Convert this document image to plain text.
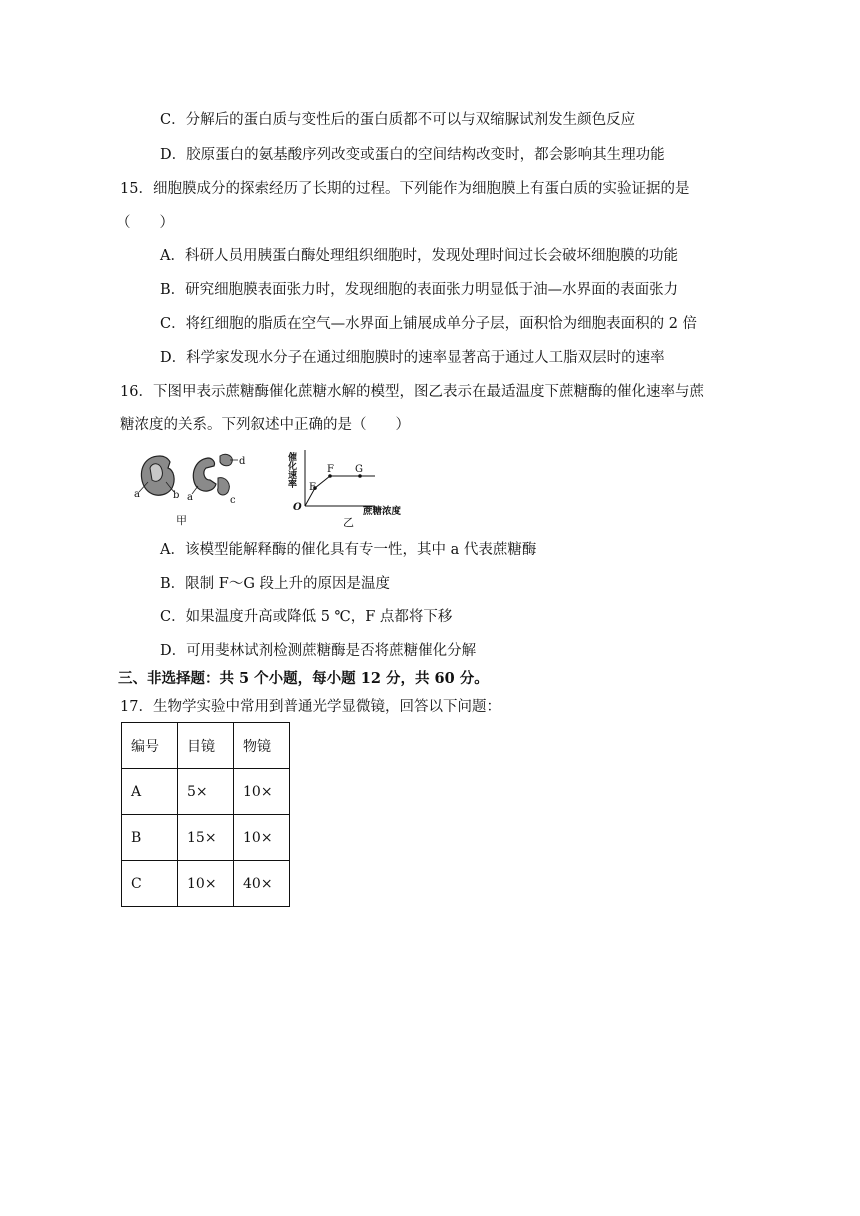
C．分解后的蛋白质与变性后的蛋白质都不可以与双缩脲试剂发生颜色反应
D．胶原蛋白的氨基酸序列改变或蛋白的空间结构改变时，都会影响其生理功能
15．细胞膜成分的探索经历了长期的过程。下列能作为细胞膜上有蛋白质的实验证据的是
（　　）
A．科研人员用胰蛋白酶处理组织细胞时，发现处理时间过长会破坏细胞膜的功能
B．研究细胞膜表面张力时，发现细胞的表面张力明显低于油—水界面的表面张力
C．将红细胞的脂质在空气—水界面上铺展成单分子层，面积恰为细胞表面积的 2 倍
D．科学家发现水分子在通过细胞膜时的速率显著高于通过人工脂双层时的速率
16．下图甲表示蔗糖酶催化蔗糖水解的模型，图乙表示在最适温度下蔗糖酶的催化速率与蔗
糖浓度的关系。下列叙述中正确的是（　　）
a	b a	c
d
甲
E
F G
O
催化速率
蔗糖浓度
乙
A．该模型能解释酶的催化具有专一性，其中 a 代表蔗糖酶
B．限制 F～G 段上升的原因是温度
C．如果温度升高或降低 5 ℃，F 点都将下移
D．可用斐林试剂检测蔗糖酶是否将蔗糖催化分解
三、非选择题：共 5 个小题，每小题 12 分，共 60 分。
17．生物学实验中常用到普通光学显微镜，回答以下问题：
编号	目镜	物镜
A	5×	10×
B	15×	10×
C	10×	40×
